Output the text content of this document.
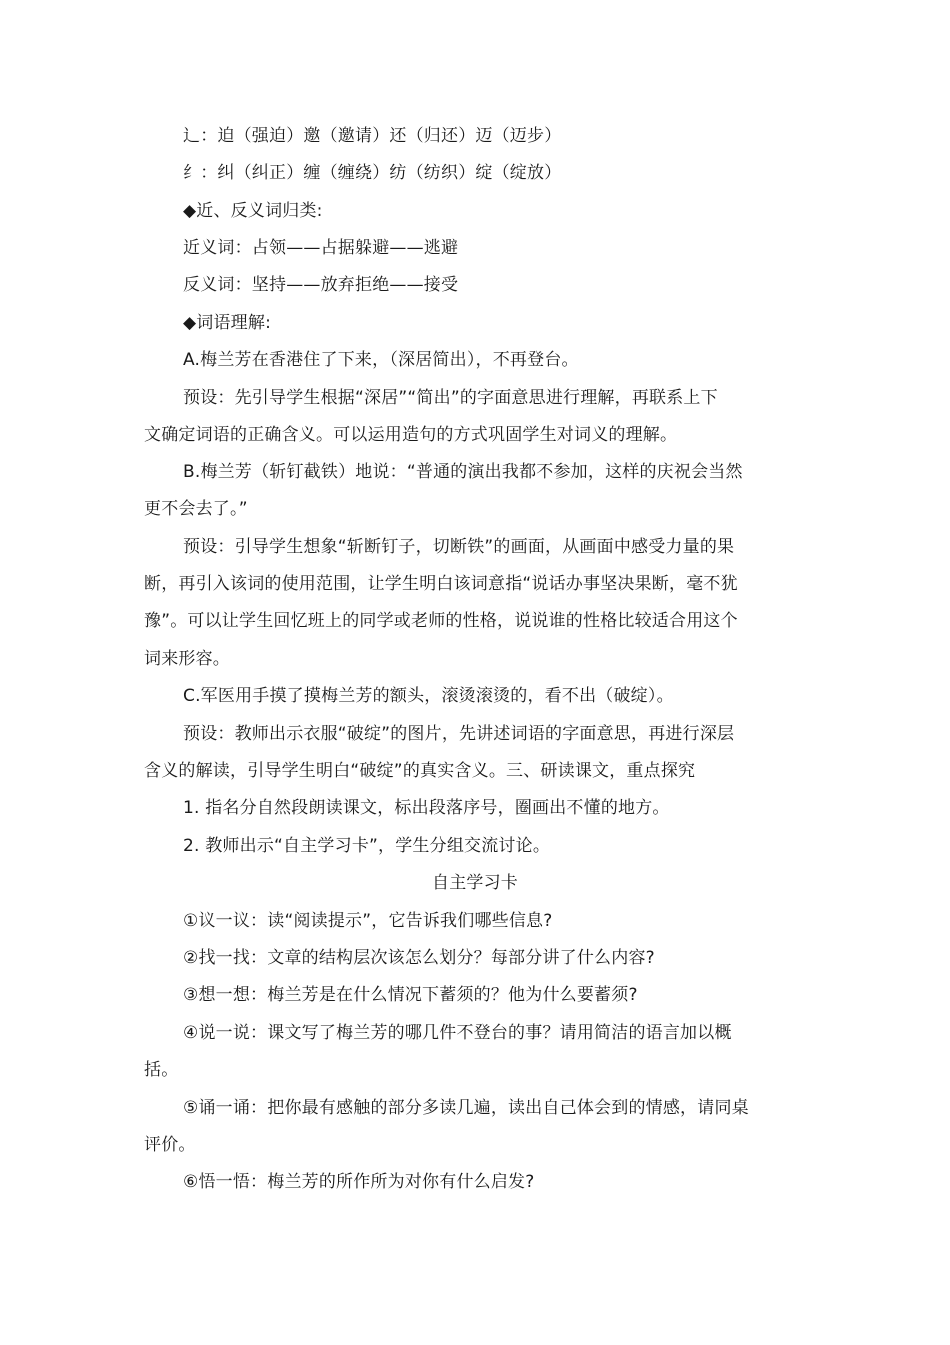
辶：迫（强迫）邀（邀请）还（归还）迈（迈步）
纟：纠（纠正）缠（缠绕）纺（纺织）绽（绽放）
◆近、反义词归类:
近义词：占领——占据躲避——逃避
反义词：坚持——放弃拒绝——接受
◆词语理解:
A.梅兰芳在香港住了下来，（深居简出），不再登台。
预设：先引导学生根据“深居”“简出”的字面意思进行理解，再联系上下
文确定词语的正确含义。可以运用造句的方式巩固学生对词义的理解。
B.梅兰芳（斩钉截铁）地说：“普通的演出我都不参加，这样的庆祝会当然
更不会去了。”
预设：引导学生想象“斩断钉子，切断铁”的画面，从画面中感受力量的果
断，再引入该词的使用范围，让学生明白该词意指“说话办事坚决果断，毫不犹
豫”。可以让学生回忆班上的同学或老师的性格，说说谁的性格比较适合用这个
词来形容。
C.军医用手摸了摸梅兰芳的额头，滚烫滚烫的，看不出（破绽）。
预设：教师出示衣服“破绽”的图片，先讲述词语的字面意思，再进行深层
含义的解读，引导学生明白“破绽”的真实含义。三、研读课文，重点探究
1. 指名分自然段朗读课文，标出段落序号，圈画出不懂的地方。
2. 教师出示“自主学习卡”，学生分组交流讨论。
自主学习卡
①议一议：读“阅读提示”，它告诉我们哪些信息?
②找一找：文章的结构层次该怎么划分？每部分讲了什么内容?
③想一想：梅兰芳是在什么情况下蓄须的？他为什么要蓄须?
④说一说：课文写了梅兰芳的哪几件不登台的事？请用简洁的语言加以概
括。
⑤诵一诵：把你最有感触的部分多读几遍，读出自己体会到的情感，请同桌
评价。
⑥悟一悟：梅兰芳的所作所为对你有什么启发?
